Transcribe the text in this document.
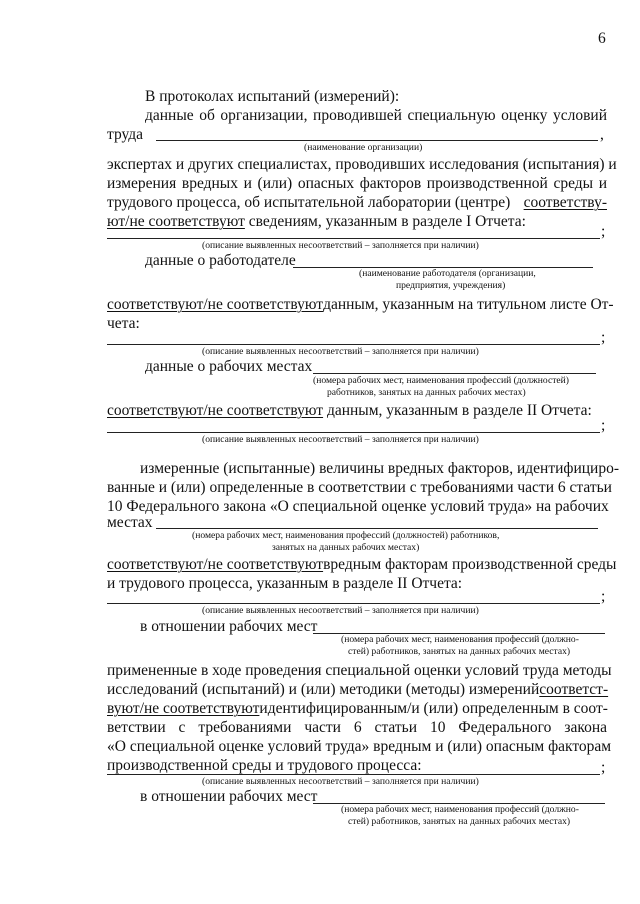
6
В протоколах испытаний (измерений):
данные об организации, проводившей специальную оценку условий
труда	,
(наименование организации)
экспертах и других специалистах, проводивших исследования (испытания) и
измерения вредных и (или) опасных факторов производственной среды и
трудового процесса, об испытательной лаборатории (центре) соответству-
ют/не соответствуют сведениям, указанным в разделе I Отчета:
;
(описание выявленных несоответствий – заполняется при наличии)
данные о работодателе
(наименование работодателя (организации,
предприятия, учреждения)
соответствуют/не соответствуют данным, указанным на титульном листе От-
чета:
;
(описание выявленных несоответствий – заполняется при наличии)
данные о рабочих местах
(номера рабочих мест, наименования профессий (должностей)
работников, занятых на данных рабочих местах)
соответствуют/не соответствуют данным, указанным в разделе II Отчета:
;
(описание выявленных несоответствий – заполняется при наличии)
измеренные (испытанные) величины вредных факторов, идентифициро-
ванные и (или) определенные в соответствии с требованиями части 6 статьи
10 Федерального закона «О специальной оценке условий труда» на рабочих
местах
(номера рабочих мест, наименования профессий (должностей) работников,
занятых на данных рабочих местах)
соответствуют/не соответствуют вредным факторам производственной среды
и трудового процесса, указанным в разделе II Отчета:
;
(описание выявленных несоответствий – заполняется при наличии)
в отношении рабочих мест
(номера рабочих мест, наименования профессий (должно-
стей) работников, занятых на данных рабочих местах)
примененные в ходе проведения специальной оценки условий труда методы
исследований (испытаний) и (или) методики (методы) измерений соответст-
вуют/не соответствуют идентифицированным/и (или) определенным в соот-
ветствии с требованиями части 6 статьи 10 Федерального закона
«О специальной оценке условий труда» вредным и (или) опасным факторам
производственной среды и трудового процесса:	;
(описание выявленных несоответствий – заполняется при наличии)
в отношении рабочих мест
(номера рабочих мест, наименования профессий (должно-
стей) работников, занятых на данных рабочих местах)
